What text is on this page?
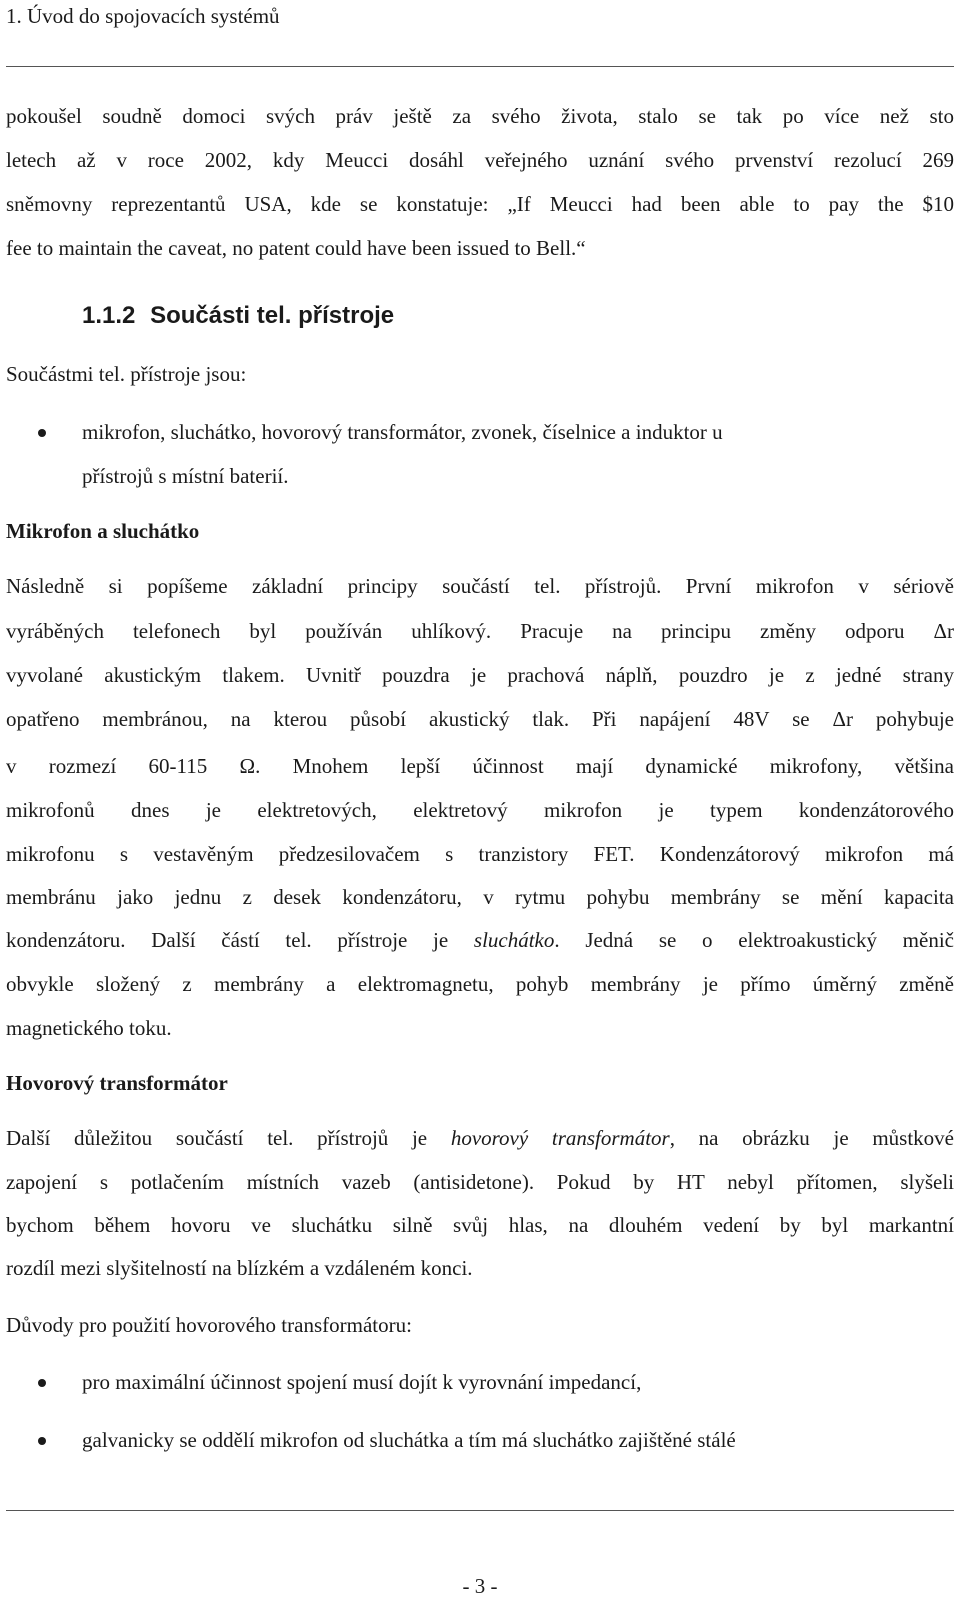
1. Úvod do spojovacích systémů

pokoušel soudně domoci svých práv ještě za svého života, stalo se tak po více než sto

letech až v roce 2002, kdy Meucci dosáhl veřejného uznání svého prvenství rezolucí 269

sněmovny reprezentantů USA, kde se konstatuje: „If Meucci had been able to pay the $10

fee to maintain the caveat, no patent could have been issued to Bell.“

1.1.2 Součásti tel. přístroje

Součástmi tel. přístroje jsou:

mikrofon, sluchátko, hovorový transformátor, zvonek, číselnice a induktor u

přístrojů s místní baterií.

Mikrofon a sluchátko

Následně si popíšeme základní principy součástí tel. přístrojů. První mikrofon v sériově

vyráběných telefonech byl používán uhlíkový. Pracuje na principu změny odporu Δr

vyvolané akustickým tlakem. Uvnitř pouzdra je prachová náplň, pouzdro je z jedné strany

opatřeno membránou, na kterou působí akustický tlak. Při napájení 48V se Δr pohybuje

v rozmezí 60-115 Ω. Mnohem lepší účinnost mají dynamické mikrofony, většina

mikrofonů dnes je elektretových, elektretový mikrofon je typem kondenzátorového

mikrofonu s vestavěným předzesilovačem s tranzistory FET. Kondenzátorový mikrofon má

membránu jako jednu z desek kondenzátoru, v rytmu pohybu membrány se mění kapacita

kondenzátoru. Další částí tel. přístroje je sluchátko. Jedná se o elektroakustický měnič

obvykle složený z membrány a elektromagnetu, pohyb membrány je přímo úměrný změně

magnetického toku.

Hovorový transformátor

Další důležitou součástí tel. přístrojů je hovorový transformátor, na obrázku je můstkové

zapojení s potlačením místních vazeb (antisidetone). Pokud by HT nebyl přítomen, slyšeli

bychom během hovoru ve sluchátku silně svůj hlas, na dlouhém vedení by byl markantní

rozdíl mezi slyšitelností na blízkém a vzdáleném konci.

Důvody pro použití hovorového transformátoru:

pro maximální účinnost spojení musí dojít k vyrovnání impedancí,

galvanicky se oddělí mikrofon od sluchátka a tím má sluchátko zajištěné stálé

- 3 -
